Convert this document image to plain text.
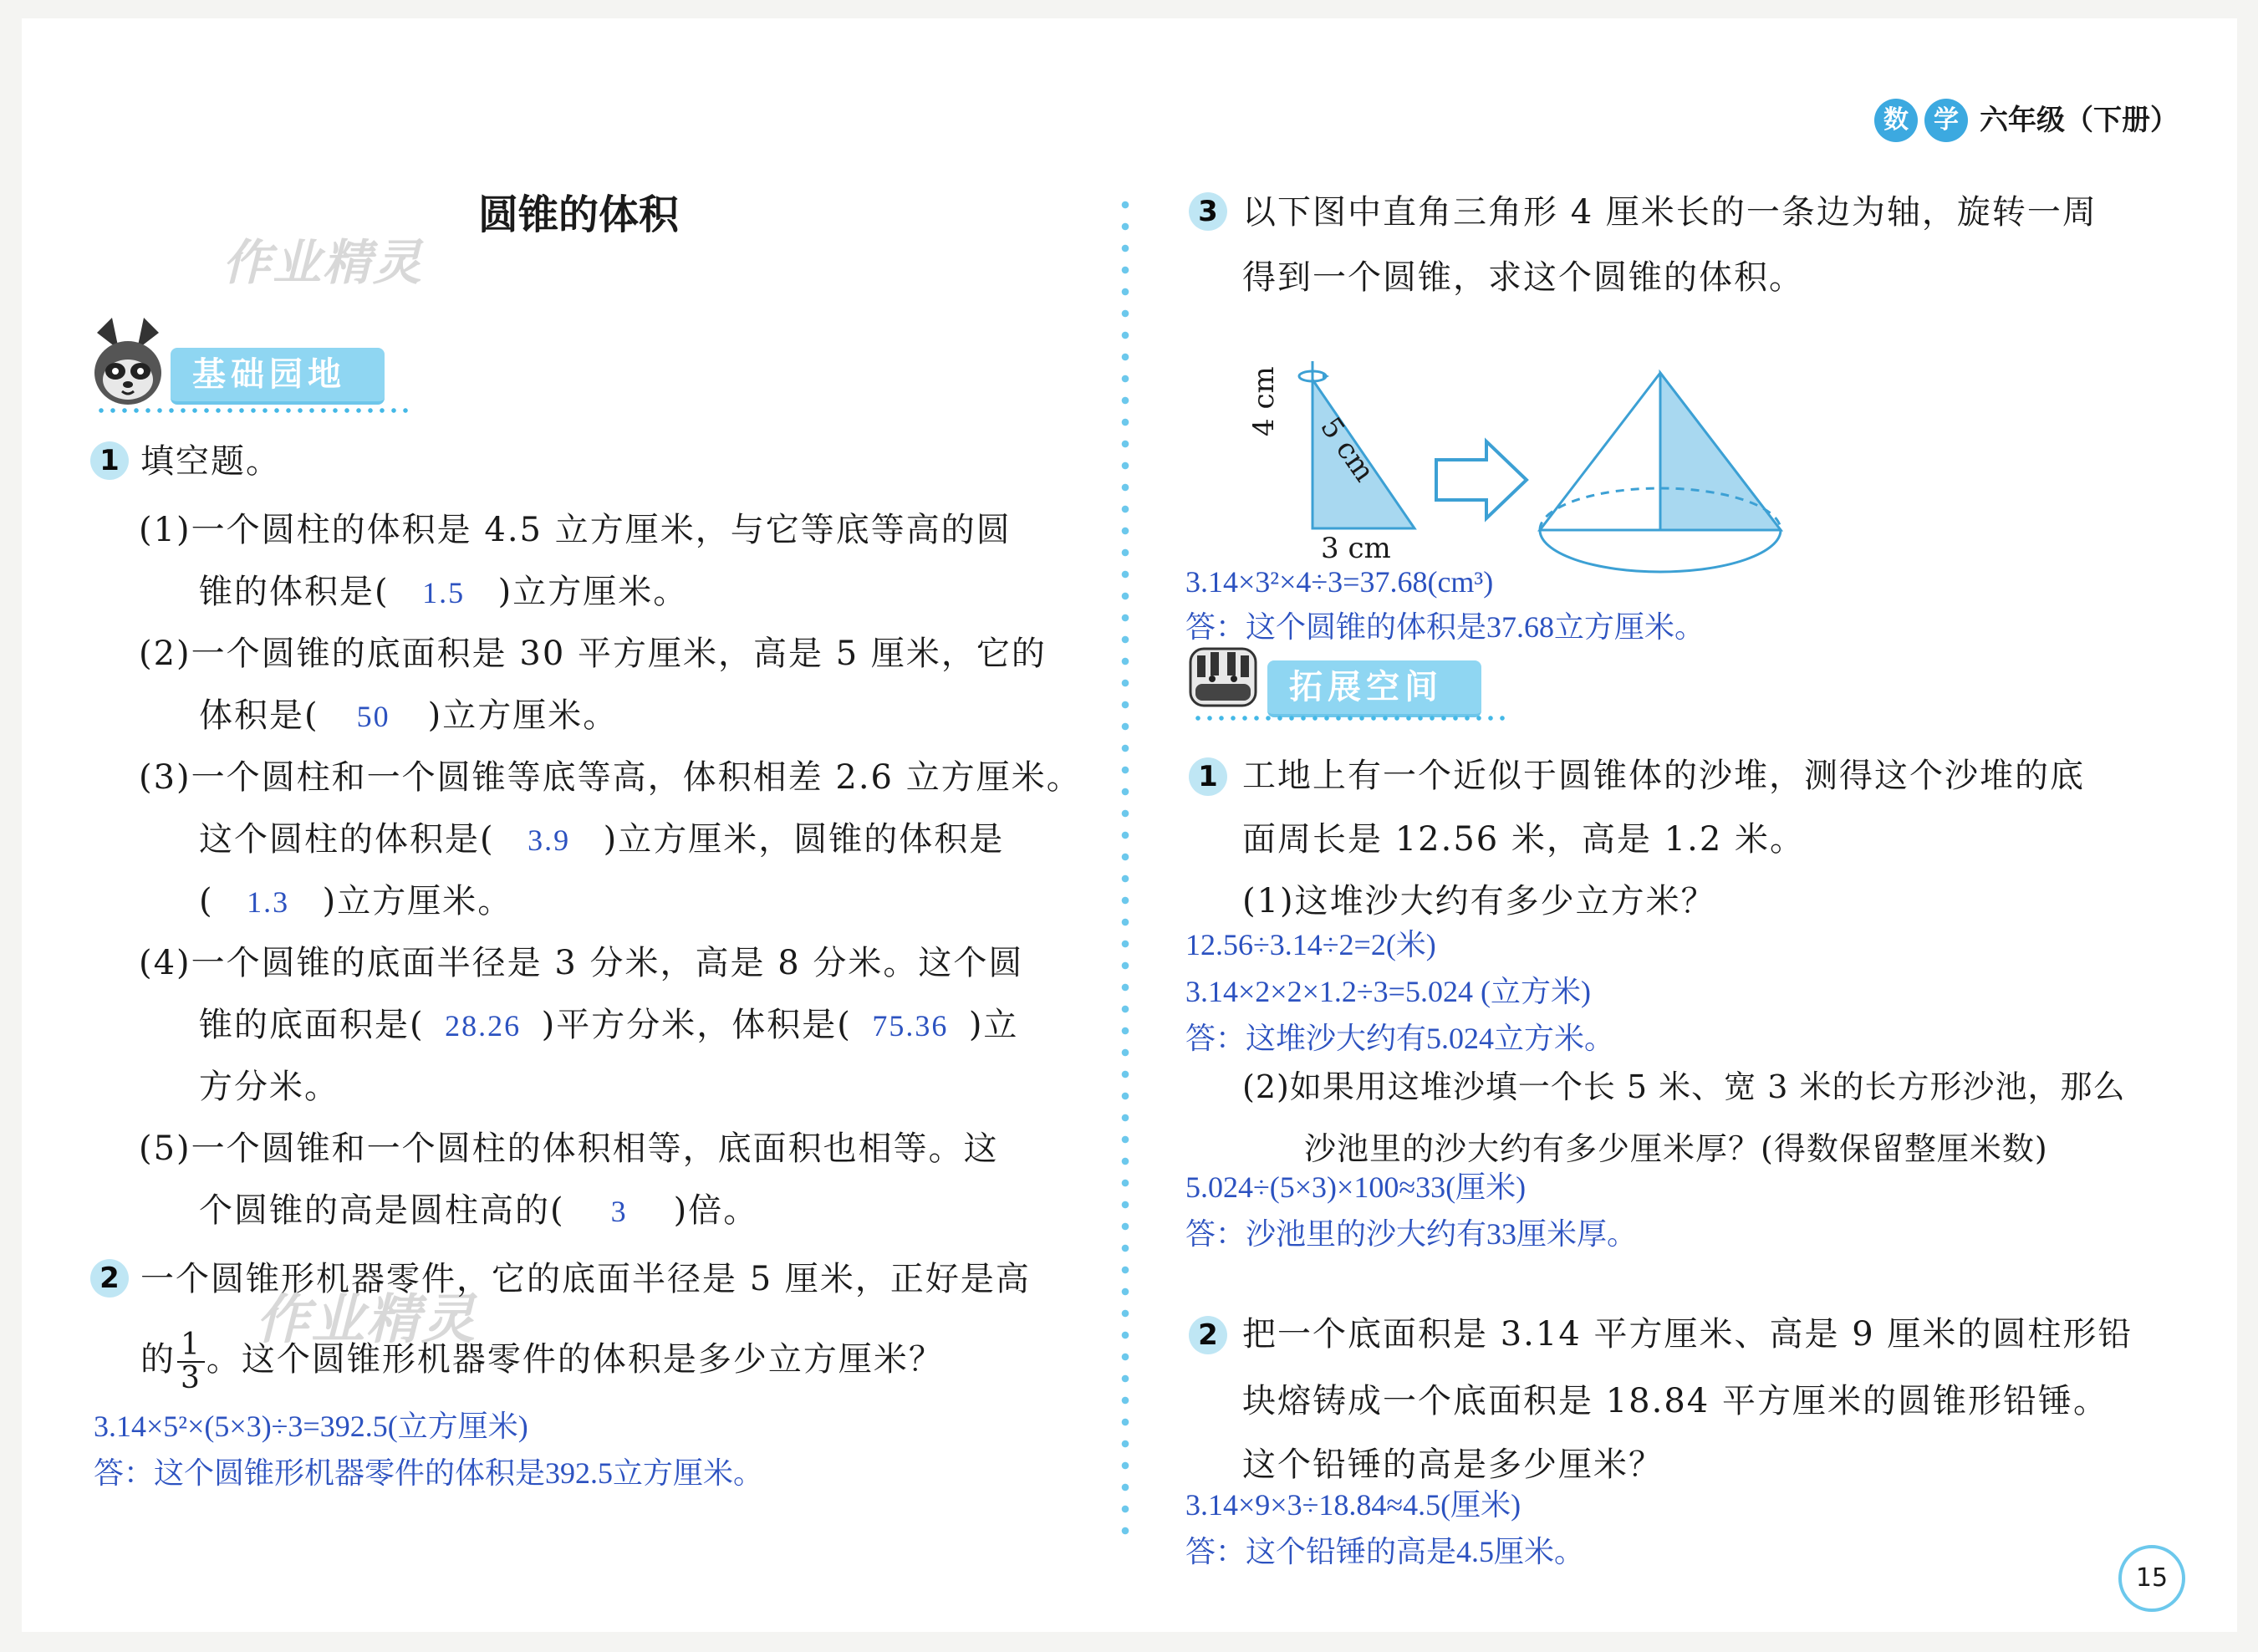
数	学 六年级（下册）
作业精灵
作业精灵
圆锥的体积
基础园地
1 填空题。
(1)一个圆柱的体积是 4.5 立方厘米，与它等底等高的圆
锥的体积是( 1.5 )立方厘米。
(2)一个圆锥的底面积是 30 平方厘米，高是 5 厘米，它的
体积是( 50 )立方厘米。
(3)一个圆柱和一个圆锥等底等高，体积相差 2.6 立方厘米。
这个圆柱的体积是( 3.9 )立方厘米，圆锥的体积是
( 1.3 )立方厘米。
(4)一个圆锥的底面半径是 3 分米，高是 8 分米。这个圆
锥的底面积是( 28.26 )平方分米，体积是( 75.36 )立
方分米。
(5)一个圆锥和一个圆柱的体积相等，底面积也相等。这
个圆锥的高是圆柱高的( 3 )倍。
2 一个圆锥形机器零件，它的底面半径是 5 厘米，正好是高
的 $\frac{1}{3}$ 。这个圆锥形机器零件的体积是多少立方厘米？
3.14×5²×(5×3)÷3=392.5(立方厘米)
答：这个圆锥形机器零件的体积是392.5立方厘米。
3 以下图中直角三角形 4 厘米长的一条边为轴，旋转一周
得到一个圆锥，求这个圆锥的体积。
4 cm
5 cm
3 cm
3.14×3²×4÷3=37.68(cm³)
答：这个圆锥的体积是37.68立方厘米。
拓展空间
1 工地上有一个近似于圆锥体的沙堆，测得这个沙堆的底
面周长是 12.56 米，高是 1.2 米。
(1)这堆沙大约有多少立方米？
12.56÷3.14÷2=2(米)
3.14×2×2×1.2÷3=5.024 (立方米)
答：这堆沙大约有5.024立方米。
(2)如果用这堆沙填一个长 5 米、宽 3 米的长方形沙池，那么
沙池里的沙大约有多少厘米厚？(得数保留整厘米数)
5.024÷(5×3)×100≈33(厘米)
答：沙池里的沙大约有33厘米厚。
2 把一个底面积是 3.14 平方厘米、高是 9 厘米的圆柱形铅
块熔铸成一个底面积是 18.84 平方厘米的圆锥形铅锤。
这个铅锤的高是多少厘米？
3.14×9×3÷18.84≈4.5(厘米)
答：这个铅锤的高是4.5厘米。
15
